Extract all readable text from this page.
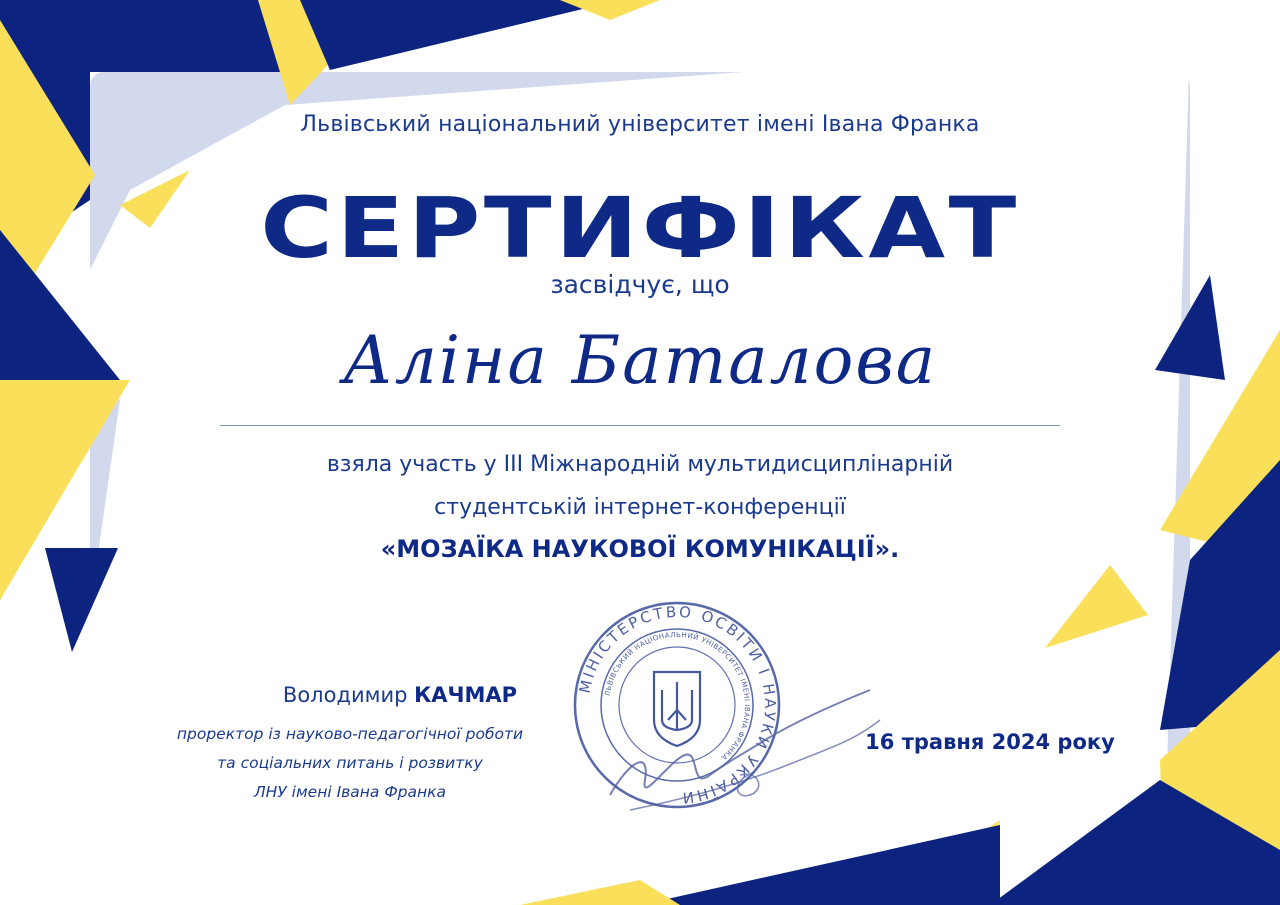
Львівський національний університет імені Івана Франка
СЕРТИФІКАТ
засвідчує, що
Аліна Баталова
взяла участь у ІІІ Міжнародній мультидисциплінарній
студентській інтернет-конференції
«МОЗАЇКА НАУКОВОЇ КОМУНІКАЦІЇ».
МІНІСТЕРСТВО ОСВІТИ І НАУКИ УКРАЇНИ
ЛЬВІВСЬКИЙ НАЦІОНАЛЬНИЙ УНІВЕРСИТЕТ ІМЕНІ ІВАНА ФРАНКА
Володимир КАЧМАР
проректор із науково-педагогічної роботи
та соціальних питань і розвитку
ЛНУ імені Івана Франка
16 травня 2024 року
